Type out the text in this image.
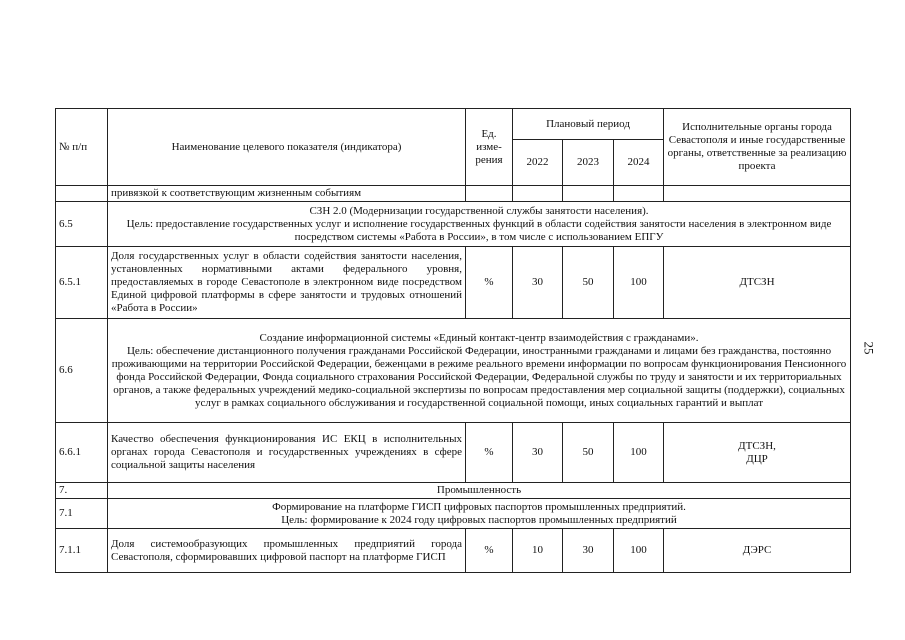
№ п/п	Наименование целевого показателя (индикатора)	Ед. изме-рения	Плановый период			Исполнительные органы города Севастополя и иные государственные органы, ответственные за реализацию проекта
			2022	2023	2024	
	привязкой к соответствующим жизненным событиям					
6.5	СЗН 2.0 (Модернизации государственной службы занятости населения).
Цель: предоставление государственных услуг и исполнение государственных функций в области содействия занятости населения в электронном виде посредством системы «Работа в России», в том числе с использованием ЕПГУ					

6.5.1	Доля государственных услуг в области содействия занятости населения, установленных нормативными актами федерального уровня, предоставляемых в городе Севастополе в электронном виде посредством Единой цифровой платформы в сфере занятости и трудовых отношений «Работа в России»	%	30	50	100	ДТСЗН
6.6	Создание информационной системы «Единый контакт-центр взаимодействия с гражданами».
Цель: обеспечение дистанционного получения гражданами Российской Федерации, иностранными гражданами и лицами без гражданства, постоянно проживающими на территории Российской Федерации, беженцами в режиме реального времени информации по вопросам функционирования Пенсионного фонда Российской Федерации, Фонда социального страхования Российской Федерации, Федеральной службы по труду и занятости и их территориальных органов, а также федеральных учреждений медико-социальной экспертизы по вопросам предоставления мер социальной защиты (поддержки), социальных услуг в рамках социального обслуживания и государственной социальной помощи, иных социальных гарантий и выплат					

6.6.1	Качество обеспечения функционирования ИС ЕКЦ в исполнительных органах города Севастополя и государственных учреждениях в сфере социальной защиты населения	%	30	50	100	ДТСЗН,
ДЦР

7.	Промышленность					
7.1	Формирование на платформе ГИСП цифровых паспортов промышленных предприятий.
Цель: формирование к 2024 году цифровых паспортов промышленных предприятий					

7.1.1	Доля системообразующих промышленных предприятий города Севастополя, сформировавших цифровой паспорт на платформе ГИСП	%	10	30	100	ДЭРС
25
